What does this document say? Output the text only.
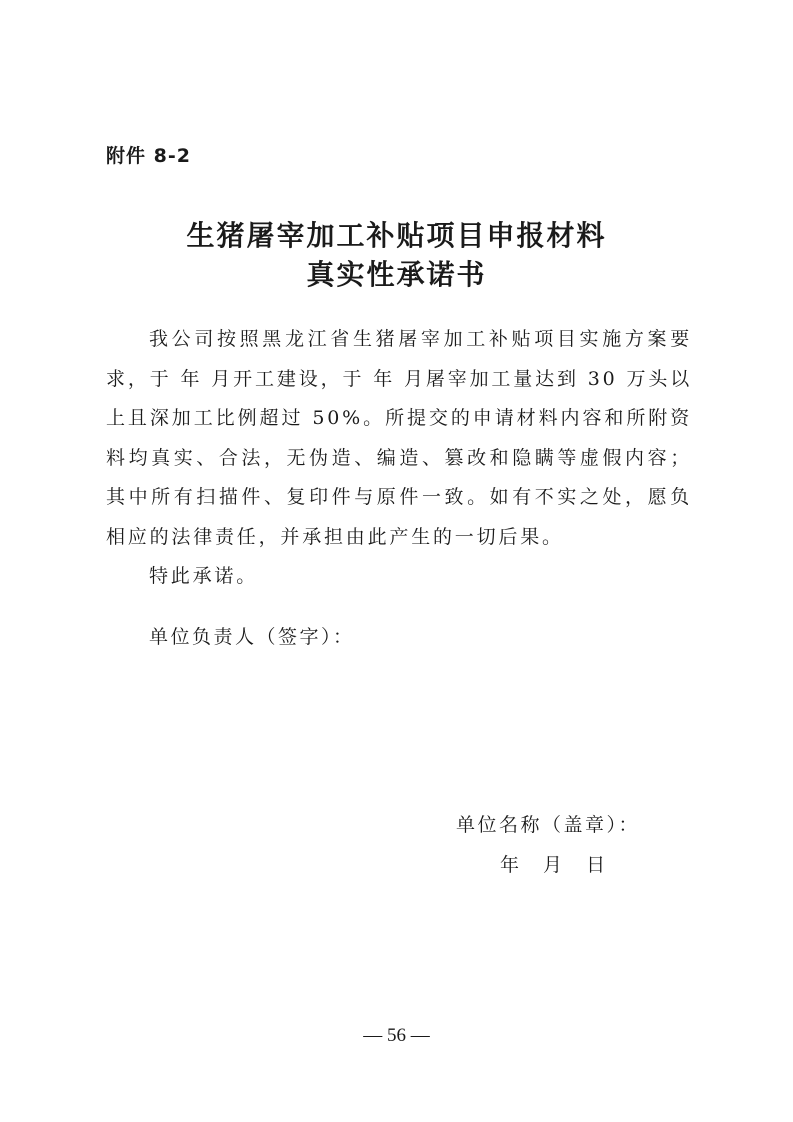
附件 8-2
生猪屠宰加工补贴项目申报材料
真实性承诺书

我公司按照黑龙江省生猪屠宰加工补贴项目实施方案要求，于 年 月开工建设，于 年 月屠宰加工量达到 30 万头以上且深加工比例超过 50%。所提交的申请材料内容和所附资料均真实、合法，无伪造、编造、篡改和隐瞒等虚假内容；其中所有扫描件、复印件与原件一致。如有不实之处，愿负相应的法律责任，并承担由此产生的一切后果。

特此承诺。

单位负责人（签字）：
单位名称（盖章）：
年 月 日
— 56 —
